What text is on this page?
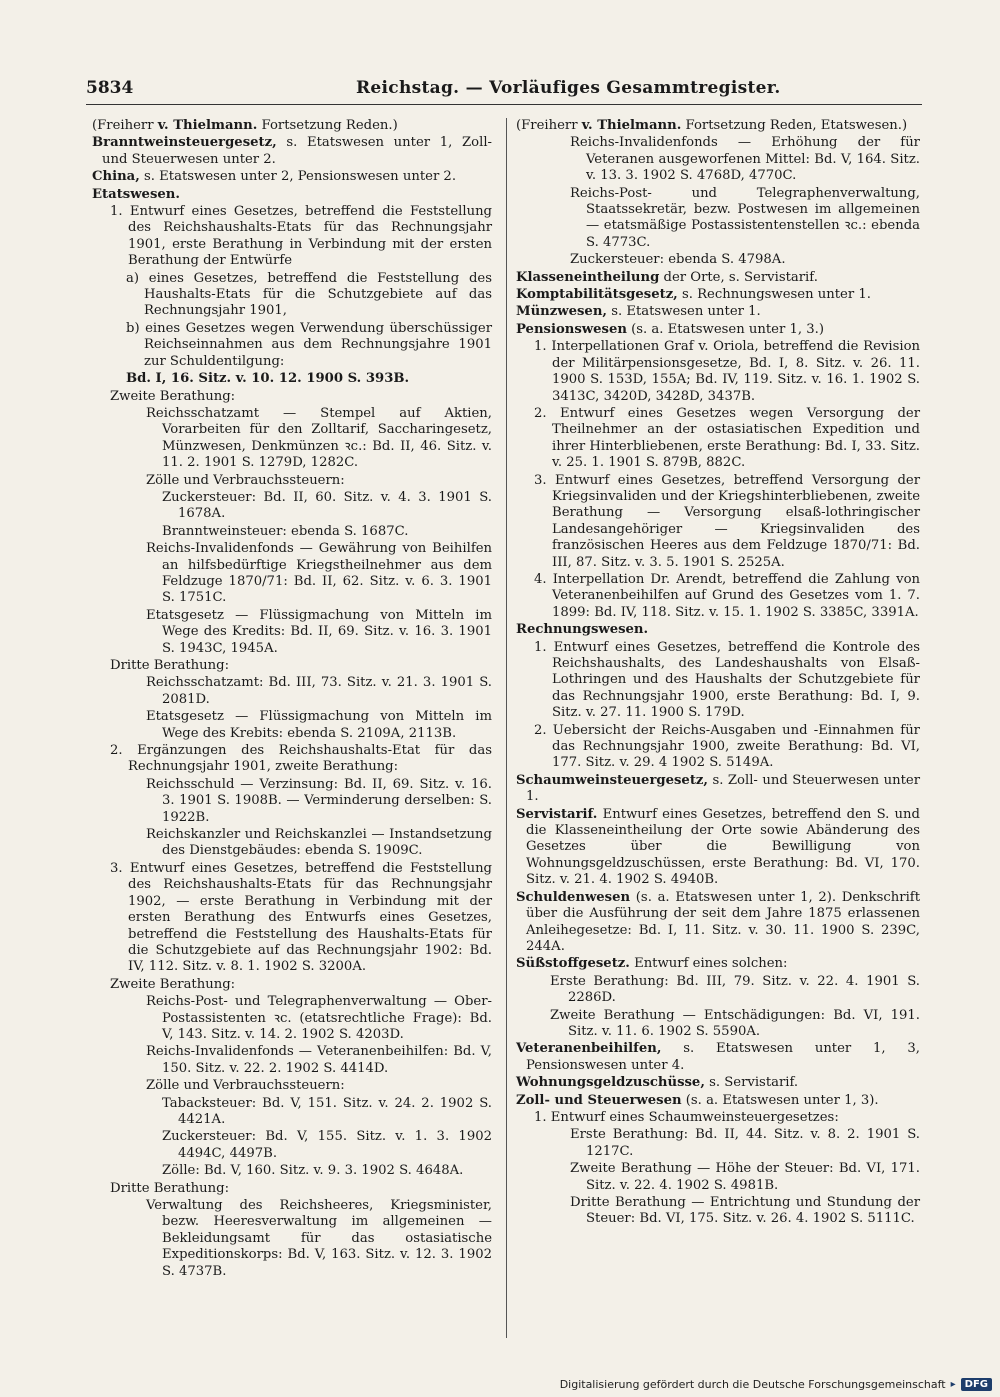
5834	Reichstag. — Vorläufiges Gesammtregister.
(Freiherr v. Thielmann. Fortsetzung Reden.)
Branntweinsteuergesetz, s. Etatswesen unter 1, Zoll- und Steuerwesen unter 2.
China, s. Etatswesen unter 2, Pensionswesen unter 2.
Etatswesen.
1. Entwurf eines Gesetzes, betreffend die Feststellung des Reichshaushalts-Etats für das Rechnungsjahr 1901, erste Berathung in Verbindung mit der ersten Berathung der Entwürfe
a) eines Gesetzes, betreffend die Feststellung des Haushalts-Etats für die Schutzgebiete auf das Rechnungsjahr 1901,
b) eines Gesetzes wegen Verwendung überschüssiger Reichseinnahmen aus dem Rechnungsjahre 1901 zur Schuldentilgung:
Bd. I, 16. Sitz. v. 10. 12. 1900 S. 393B.
Zweite Berathung:
Reichsschatzamt — Stempel auf Aktien, Vorarbeiten für den Zolltarif, Saccharingesetz, Münzwesen, Denkmünzen ꝛc.: Bd. II, 46. Sitz. v. 11. 2. 1901 S. 1279D, 1282C.
Zölle und Verbrauchssteuern:
Zuckersteuer: Bd. II, 60. Sitz. v. 4. 3. 1901 S. 1678A.
Branntweinsteuer: ebenda S. 1687C.
Reichs-Invalidenfonds — Gewährung von Beihilfen an hilfsbedürftige Kriegstheilnehmer aus dem Feldzuge 1870/71: Bd. II, 62. Sitz. v. 6. 3. 1901 S. 1751C.
Etatsgesetz — Flüssigmachung von Mitteln im Wege des Kredits: Bd. II, 69. Sitz. v. 16. 3. 1901 S. 1943C, 1945A.
Dritte Berathung:
Reichsschatzamt: Bd. III, 73. Sitz. v. 21. 3. 1901 S. 2081D.
Etatsgesetz — Flüssigmachung von Mitteln im Wege des Krebits: ebenda S. 2109A, 2113B.
2. Ergänzungen des Reichshaushalts-Etat für das Rechnungsjahr 1901, zweite Berathung:
Reichsschuld — Verzinsung: Bd. II, 69. Sitz. v. 16. 3. 1901 S. 1908B. — Verminderung derselben: S. 1922B.
Reichskanzler und Reichskanzlei — Instandsetzung des Dienstgebäudes: ebenda S. 1909C.
3. Entwurf eines Gesetzes, betreffend die Feststellung des Reichshaushalts-Etats für das Rechnungsjahr 1902, — erste Berathung in Verbindung mit der ersten Berathung des Entwurfs eines Gesetzes, betreffend die Feststellung des Haushalts-Etats für die Schutzgebiete auf das Rechnungsjahr 1902: Bd. IV, 112. Sitz. v. 8. 1. 1902 S. 3200A.
Zweite Berathung:
Reichs-Post- und Telegraphenverwaltung — Ober-Postassistenten ꝛc. (etatsrechtliche Frage): Bd. V, 143. Sitz. v. 14. 2. 1902 S. 4203D.
Reichs-Invalidenfonds — Veteranenbeihilfen: Bd. V, 150. Sitz. v. 22. 2. 1902 S. 4414D.
Zölle und Verbrauchssteuern:
Tabacksteuer: Bd. V, 151. Sitz. v. 24. 2. 1902 S. 4421A.
Zuckersteuer: Bd. V, 155. Sitz. v. 1. 3. 1902 4494C, 4497B.
Zölle: Bd. V, 160. Sitz. v. 9. 3. 1902 S. 4648A.
Dritte Berathung:
Verwaltung des Reichsheeres, Kriegsminister, bezw. Heeresverwaltung im allgemeinen — Bekleidungsamt für das ostasiatische Expeditionskorps: Bd. V, 163. Sitz. v. 12. 3. 1902 S. 4737B.
(Freiherr v. Thielmann. Fortsetzung Reden, Etatswesen.)
Reichs-Invalidenfonds — Erhöhung der für Veteranen ausgeworfenen Mittel: Bd. V, 164. Sitz. v. 13. 3. 1902 S. 4768D, 4770C.
Reichs-Post- und Telegraphenverwaltung, Staatssekretär, bezw. Postwesen im allgemeinen — etatsmäßige Postassistentenstellen ꝛc.: ebenda S. 4773C.
Zuckersteuer: ebenda S. 4798A.
Klasseneintheilung der Orte, s. Servistarif.
Komptabilitätsgesetz, s. Rechnungswesen unter 1.
Münzwesen, s. Etatswesen unter 1.
Pensionswesen (s. a. Etatswesen unter 1, 3.)
1. Interpellationen Graf v. Oriola, betreffend die Revision der Militärpensionsgesetze, Bd. I, 8. Sitz. v. 26. 11. 1900 S. 153D, 155A; Bd. IV, 119. Sitz. v. 16. 1. 1902 S. 3413C, 3420D, 3428D, 3437B.
2. Entwurf eines Gesetzes wegen Versorgung der Theilnehmer an der ostasiatischen Expedition und ihrer Hinterbliebenen, erste Berathung: Bd. I, 33. Sitz. v. 25. 1. 1901 S. 879B, 882C.
3. Entwurf eines Gesetzes, betreffend Versorgung der Kriegsinvaliden und der Kriegshinterbliebenen, zweite Berathung — Versorgung elsaß-lothringischer Landesangehöriger — Kriegsinvaliden des französischen Heeres aus dem Feldzuge 1870/71: Bd. III, 87. Sitz. v. 3. 5. 1901 S. 2525A.
4. Interpellation Dr. Arendt, betreffend die Zahlung von Veteranenbeihilfen auf Grund des Gesetzes vom 1. 7. 1899: Bd. IV, 118. Sitz. v. 15. 1. 1902 S. 3385C, 3391A.
Rechnungswesen.
1. Entwurf eines Gesetzes, betreffend die Kontrole des Reichshaushalts, des Landeshaushalts von Elsaß-Lothringen und des Haushalts der Schutzgebiete für das Rechnungsjahr 1900, erste Berathung: Bd. I, 9. Sitz. v. 27. 11. 1900 S. 179D.
2. Uebersicht der Reichs-Ausgaben und -Einnahmen für das Rechnungsjahr 1900, zweite Berathung: Bd. VI, 177. Sitz. v. 29. 4 1902 S. 5149A.
Schaumweinsteuergesetz, s. Zoll- und Steuerwesen unter 1.
Servistarif. Entwurf eines Gesetzes, betreffend den S. und die Klasseneintheilung der Orte sowie Abänderung des Gesetzes über die Bewilligung von Wohnungsgeldzuschüssen, erste Berathung: Bd. VI, 170. Sitz. v. 21. 4. 1902 S. 4940B.
Schuldenwesen (s. a. Etatswesen unter 1, 2). Denkschrift über die Ausführung der seit dem Jahre 1875 erlassenen Anleihegesetze: Bd. I, 11. Sitz. v. 30. 11. 1900 S. 239C, 244A.
Süßstoffgesetz. Entwurf eines solchen:
Erste Berathung: Bd. III, 79. Sitz. v. 22. 4. 1901 S. 2286D.
Zweite Berathung — Entschädigungen: Bd. VI, 191. Sitz. v. 11. 6. 1902 S. 5590A.
Veteranenbeihilfen, s. Etatswesen unter 1, 3, Pensionswesen unter 4.
Wohnungsgeldzuschüsse, s. Servistarif.
Zoll- und Steuerwesen (s. a. Etatswesen unter 1, 3).
1. Entwurf eines Schaumweinsteuergesetzes:
Erste Berathung: Bd. II, 44. Sitz. v. 8. 2. 1901 S. 1217C.
Zweite Berathung — Höhe der Steuer: Bd. VI, 171. Sitz. v. 22. 4. 1902 S. 4981B.
Dritte Berathung — Entrichtung und Stundung der Steuer: Bd. VI, 175. Sitz. v. 26. 4. 1902 S. 5111C.
Digitalisierung gefördert durch die Deutsche Forschungsgemeinschaft ▸ DFG
